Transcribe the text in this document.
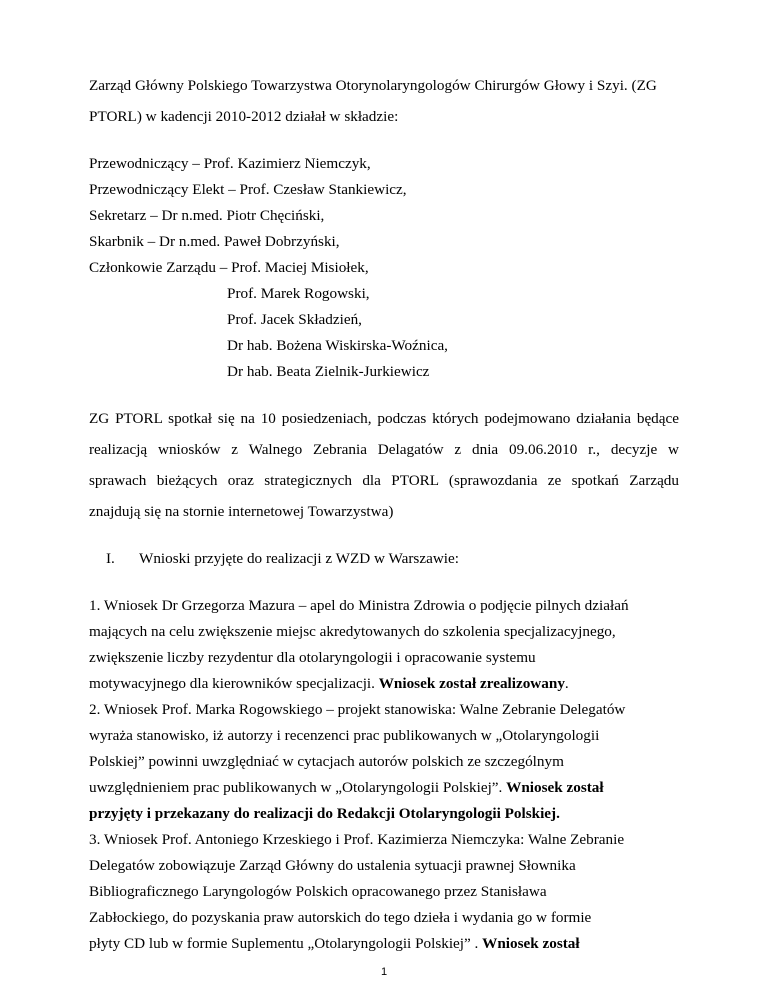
Zarząd Główny Polskiego Towarzystwa Otorynolaryngologów Chirurgów Głowy i Szyi. (ZG
PTORL) w kadencji 2010-2012 działał w składzie:
Przewodniczący – Prof. Kazimierz Niemczyk,
Przewodniczący Elekt – Prof. Czesław Stankiewicz,
Sekretarz – Dr n.med. Piotr Chęciński,
Skarbnik – Dr n.med. Paweł Dobrzyński,
Członkowie Zarządu – Prof. Maciej Misiołek,
Prof. Marek Rogowski,
Prof. Jacek Składzień,
Dr hab. Bożena Wiskirska-Woźnica,
Dr hab. Beata Zielnik-Jurkiewicz
ZG PTORL spotkał się na 10 posiedzeniach, podczas których podejmowano działania będące
realizacją wniosków z Walnego Zebrania Delagatów z dnia 09.06.2010 r., decyzje w
sprawach bieżących oraz strategicznych dla PTORL (sprawozdania ze spotkań Zarządu
znajdują się na stornie internetowej Towarzystwa)
I. Wnioski przyjęte do realizacji z WZD w Warszawie:
1. Wniosek Dr Grzegorza Mazura – apel do Ministra Zdrowia o podjęcie pilnych działań
mających na celu zwiększenie miejsc akredytowanych do szkolenia specjalizacyjnego,
zwiększenie liczby rezydentur dla otolaryngologii i opracowanie systemu
motywacyjnego dla kierowników specjalizacji. Wniosek został zrealizowany.
2. Wniosek Prof. Marka Rogowskiego – projekt stanowiska: Walne Zebranie Delegatów
wyraża stanowisko, iż autorzy i recenzenci prac publikowanych w „Otolaryngologii
Polskiej” powinni uwzględniać w cytacjach autorów polskich ze szczególnym
uwzględnieniem prac publikowanych w „Otolaryngologii Polskiej”. Wniosek został
przyjęty i przekazany do realizacji do Redakcji Otolaryngologii Polskiej.
3. Wniosek Prof. Antoniego Krzeskiego i Prof. Kazimierza Niemczyka: Walne Zebranie
Delegatów zobowiązuje Zarząd Główny do ustalenia sytuacji prawnej Słownika
Bibliograficznego Laryngologów Polskich opracowanego przez Stanisława
Zabłockiego, do pozyskania praw autorskich do tego dzieła i wydania go w formie
płyty CD lub w formie Suplementu „Otolaryngologii Polskiej” . Wniosek został
1
